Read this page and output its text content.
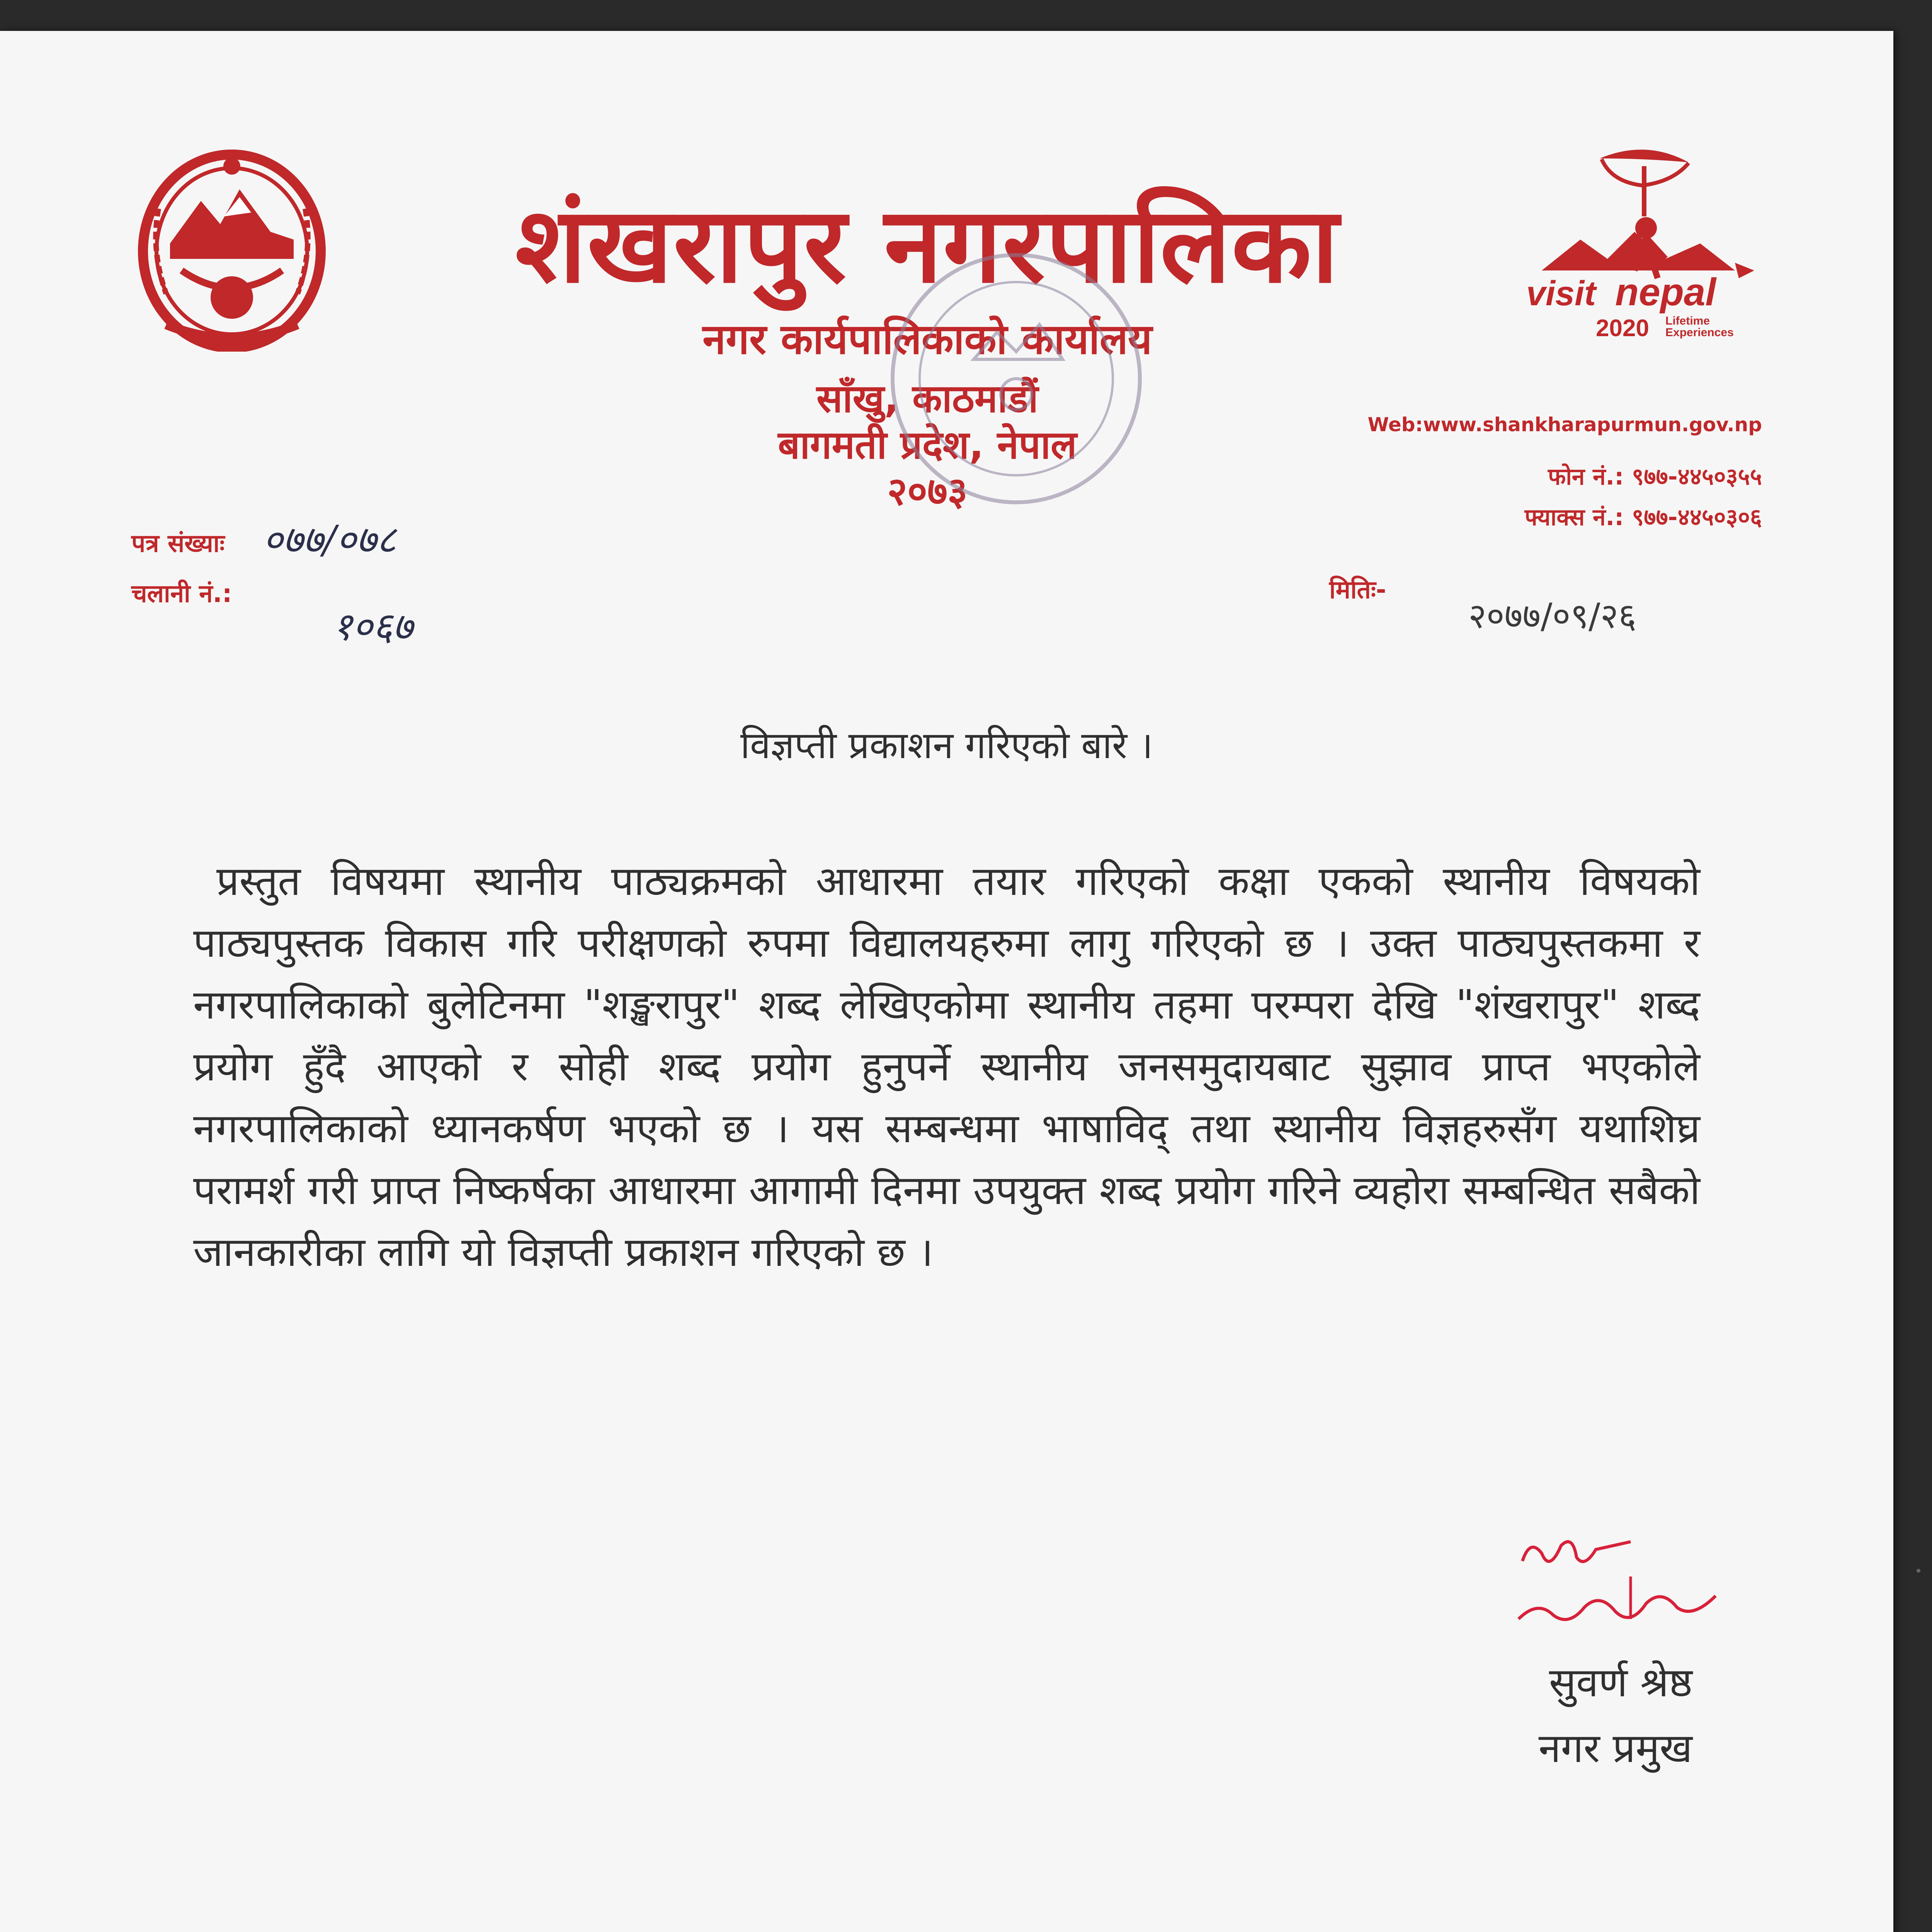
शंखरापुर नगरपालिका
नगर कार्यपालिकाको कार्यालय
साँखु, काठमाडौं
बागमती प्रदेश, नेपाल
२०७३
visit nepal
2020 Lifetime
Experiences
Web:www.shankharapurmun.gov.np
फोन नं.: ९७७-४४५०३५५
फ्याक्स नं.: ९७७-४४५०३०६
पत्र संख्याः ०७७/०७८
चलानी नं.:
१०६७
मितिः-
२०७७/०९/२६
विज्ञप्ती प्रकाशन गरिएको बारे ।
प्रस्तुत विषयमा स्थानीय पाठ्यक्रमको आधारमा तयार गरिएको कक्षा एकको स्थानीय विषयको पाठ्यपुस्तक विकास गरि परीक्षणको रुपमा विद्यालयहरुमा लागु गरिएको छ । उक्त पाठ्यपुस्तकमा र नगरपालिकाको बुलेटिनमा "शङ्खरापुर" शब्द लेखिएकोमा स्थानीय तहमा परम्परा देखि "शंखरापुर" शब्द प्रयोग हुँदै आएको र सोही शब्द प्रयोग हुनुपर्ने स्थानीय जनसमुदायबाट सुझाव प्राप्त भएकोले नगरपालिकाको ध्यानकर्षण भएको छ । यस सम्बन्धमा भाषाविद् तथा स्थानीय विज्ञहरुसँग यथाशिघ्र परामर्श गरी प्राप्त निष्कर्षका आधारमा आगामी दिनमा उपयुक्त शब्द प्रयोग गरिने व्यहोरा सम्बन्धित सबैको जानकारीका लागि यो विज्ञप्ती प्रकाशन गरिएको छ ।
सुवर्ण श्रेष्ठ
नगर प्रमुख
